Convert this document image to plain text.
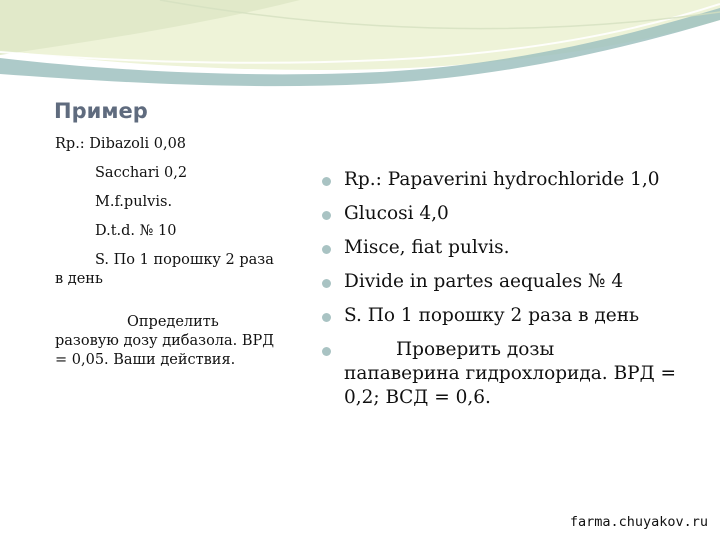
Пример
Rp.: Dibazoli 0,08
Sacchari 0,2
M.f.pulvis.
D.t.d. № 10
S. По 1 порошку 2 раза в день
Определить разовую дозу дибазола. ВРД = 0,05. Ваши действия.
Rp.: Papaverini hydrochloride 1,0
Glucosi 4,0
Misce, fiat pulvis.
Divide in partes aequales № 4
S. По 1 порошку 2 раза в день
Проверить дозы
папаверина гидрохлорида. ВРД = 0,2; ВСД = 0,6.
farma.chuyakov.ru
